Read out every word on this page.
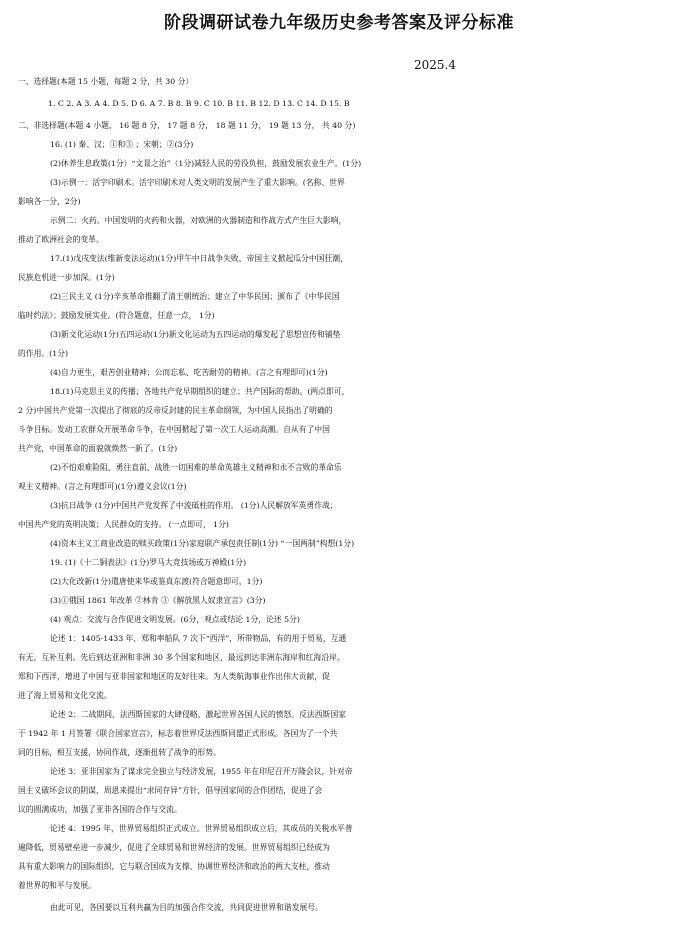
阶段调研试卷九年级历史参考答案及评分标准
2025.4
一、选择题(本题 15 小题，每题 2 分，共 30 分）
1. C 2. A 3. A 4. D 5. D 6. A 7. B 8. B 9. C 10. B 11. B 12. D 13. C 14. D 15. B
二、非选择题(本题 4 小题， 16 题 8 分， 17 题 8 分， 18 题 11 分， 19 题 13 分， 共 40 分)
16. (1) 秦、汉；①和③ ；宋朝；②(3分)
(2)休养生息政策(1分）“文景之治”（1分)减轻人民的劳役负担，鼓励发展农业生产。(1分)
(3)示例一：活字印刷术。活字印刷术对人类文明的发展产生了重大影响。(名称、世界
影响各一分，2分)
示例二：火药。中国发明的火药和火器，对欧洲的火器制造和作战方式产生巨大影响，
推动了欧洲社会的变革。
17.(1)戊戌变法(维新变法运动)(1分)甲午中日战争失败，帝国主义掀起瓜分中国狂潮，
民族危机进一步加深。(1分)
(2)三民主义 (1分)辛亥革命推翻了清王朝统治；建立了中华民国；颁布了《中华民国
临时约法》；鼓励发展实业。(符合题意，任意一点， 1分)
(3)新文化运动(1分)五四运动(1分)新文化运动为五四运动的爆发起了思想宣传和铺垫
的作用。(1分)
(4)自力更生，艰苦创业精神；公而忘私、吃苦耐劳的精神。(言之有理即可)(1分)
18.(1)马克思主义的传播；各地共产党早期组织的建立；共产国际的帮助。(两点即可，
2 分)中国共产党第一次提出了彻底的反帝反封建的民主革命纲领，为中国人民指出了明确的
斗争目标。发动工农群众开展革命斗争，在中国掀起了第一次工人运动高潮。自从有了中国
共产党，中国革命的面貌就焕然一新了。(1分)
(2)不怕艰难险阻、勇往直前、战胜一切困难的革命英雄主义精神和永不言败的革命乐
观主义精神。(言之有理即可)(1分)遵义会议(1分)
(3)抗日战争 (1分)中国共产党发挥了中流砥柱的作用。 (1分)人民解放军英勇作战；
中国共产党的英明决策；人民群众的支持。 (一点即可， 1分)
(4)资本主义工商业改造的赎买政策(1分)家庭联产承包责任制(1分) “一国两制”构想(1分)
19. (1)《十二铜表法》(1分)罗马大竞技场或万神殿(1分)
(2)大化改新(1分)遣唐使来华或鉴真东渡(符合题意即可，1分)
(3)①俄国 1861 年改革 ②林肯 ③《解放黑人奴隶宣言》(3分)
(4) 观点：交流与合作促进文明发展。(6分，观点或结论 1分，论述 5分)
论述 1：1405-1433 年，郑和率船队 7 次下“西洋”，所带物品，有的用于贸易，互通
有无，互补互利。先后到达亚洲和非洲 30 多个国家和地区，最远到达非洲东海岸和红海沿岸。
郑和下西洋，增进了中国与亚非国家和地区的友好往来。为人类航海事业作出伟大贡献，促
进了海上贸易和文化交流。
论述 2：二战期间，法西斯国家的大肆侵略，激起世界各国人民的愤怒。反法西斯国家
于 1942 年 1 月签署《联合国家宣言》，标志着世界反法西斯同盟正式形成。各国为了一个共
同的目标，相互支援，协同作战，逐渐扭转了战争的形势。
论述 3：亚非国家为了谋求完全独立与经济发展，1955 年在印尼召开万隆会议，针对帝
国主义破坏会议的阴谋，周恩来提出“求同存异”方针，倡导国家间的合作团结，促进了会
议的圆满成功，加强了亚非各国的合作与交流。
论述 4：1995 年，世界贸易组织正式成立。世界贸易组织成立后，其成员的关税水平普
遍降低，贸易壁垒进一步减少，促进了全球贸易和世界经济的发展。世界贸易组织已经成为
具有重大影响力的国际组织，它与联合国成为支撑、协调世界经济和政治的两大支柱，推动
着世界的和平与发展。
由此可见，各国要以互利共赢为目的加强合作交流，共同促进世界和谐发展号。
